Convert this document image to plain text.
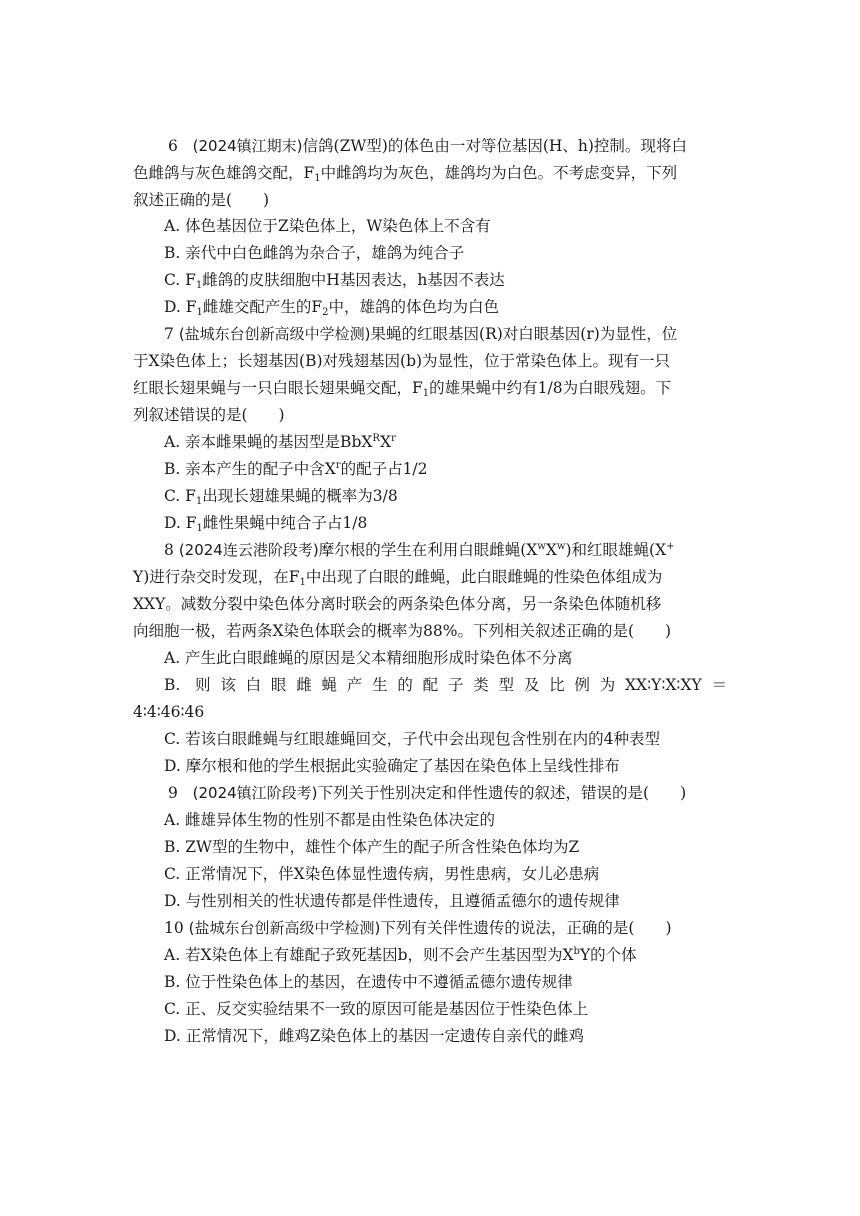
6 (2024镇江期末)信鸽(ZW型)的体色由一对等位基因(H、h)控制。现将白
色雌鸽与灰色雄鸽交配，$F_1$中雌鸽均为灰色，雄鸽均为白色。不考虑变异，下列
叙述正确的是(　　)
A. 体色基因位于Z染色体上，W染色体上不含有
B. 亲代中白色雌鸽为杂合子，雄鸽为纯合子
C. $F_1$雌鸽的皮肤细胞中H基因表达，h基因不表达
D. $F_1$雌雄交配产生的$F_2$中，雄鸽的体色均为白色
7 (盐城东台创新高级中学检测)果蝇的红眼基因(R)对白眼基因(r)为显性，位
于X染色体上；长翅基因(B)对残翅基因(b)为显性，位于常染色体上。现有一只
红眼长翅果蝇与一只白眼长翅果蝇交配，$F_1$的雄果蝇中约有1/8为白眼残翅。下
列叙述错误的是(　　)
A. 亲本雌果蝇的基因型是$BbX^RX^r$
B. 亲本产生的配子中含$X^r$的配子占1/2
C. $F_1$出现长翅雄果蝇的概率为3/8
D. $F_1$雌性果蝇中纯合子占1/8
8 (2024连云港阶段考)摩尔根的学生在利用白眼雌蝇$(X^wX^w)$和红眼雄蝇(X+
Y)进行杂交时发现，在$F_1$中出现了白眼的雌蝇，此白眼雌蝇的性染色体组成为
XXY。减数分裂中染色体分离时联会的两条染色体分离，另一条染色体随机移
向细胞一极，若两条X染色体联会的概率为88%。下列相关叙述正确的是(　　)
A. 产生此白眼雌蝇的原因是父本精细胞形成时染色体不分离
B. 则该白眼雌蝇产生的配子类型及比例为XX∶Y∶X∶XY＝
4∶4∶46∶46
C. 若该白眼雌蝇与红眼雄蝇回交，子代中会出现包含性别在内的4种表型
D. 摩尔根和他的学生根据此实验确定了基因在染色体上呈线性排布
9 (2024镇江阶段考)下列关于性别决定和伴性遗传的叙述，错误的是(　　)
A. 雌雄异体生物的性别不都是由性染色体决定的
B. ZW型的生物中，雄性个体产生的配子所含性染色体均为Z
C. 正常情况下，伴X染色体显性遗传病，男性患病，女儿必患病
D. 与性别相关的性状遗传都是伴性遗传，且遵循孟德尔的遗传规律
10 (盐城东台创新高级中学检测)下列有关伴性遗传的说法，正确的是(　　)
A. 若X染色体上有雄配子致死基因b，则不会产生基因型为$X^bY$的个体
B. 位于性染色体上的基因，在遗传中不遵循孟德尔遗传规律
C. 正、反交实验结果不一致的原因可能是基因位于性染色体上
D. 正常情况下，雌鸡Z染色体上的基因一定遗传自亲代的雌鸡
